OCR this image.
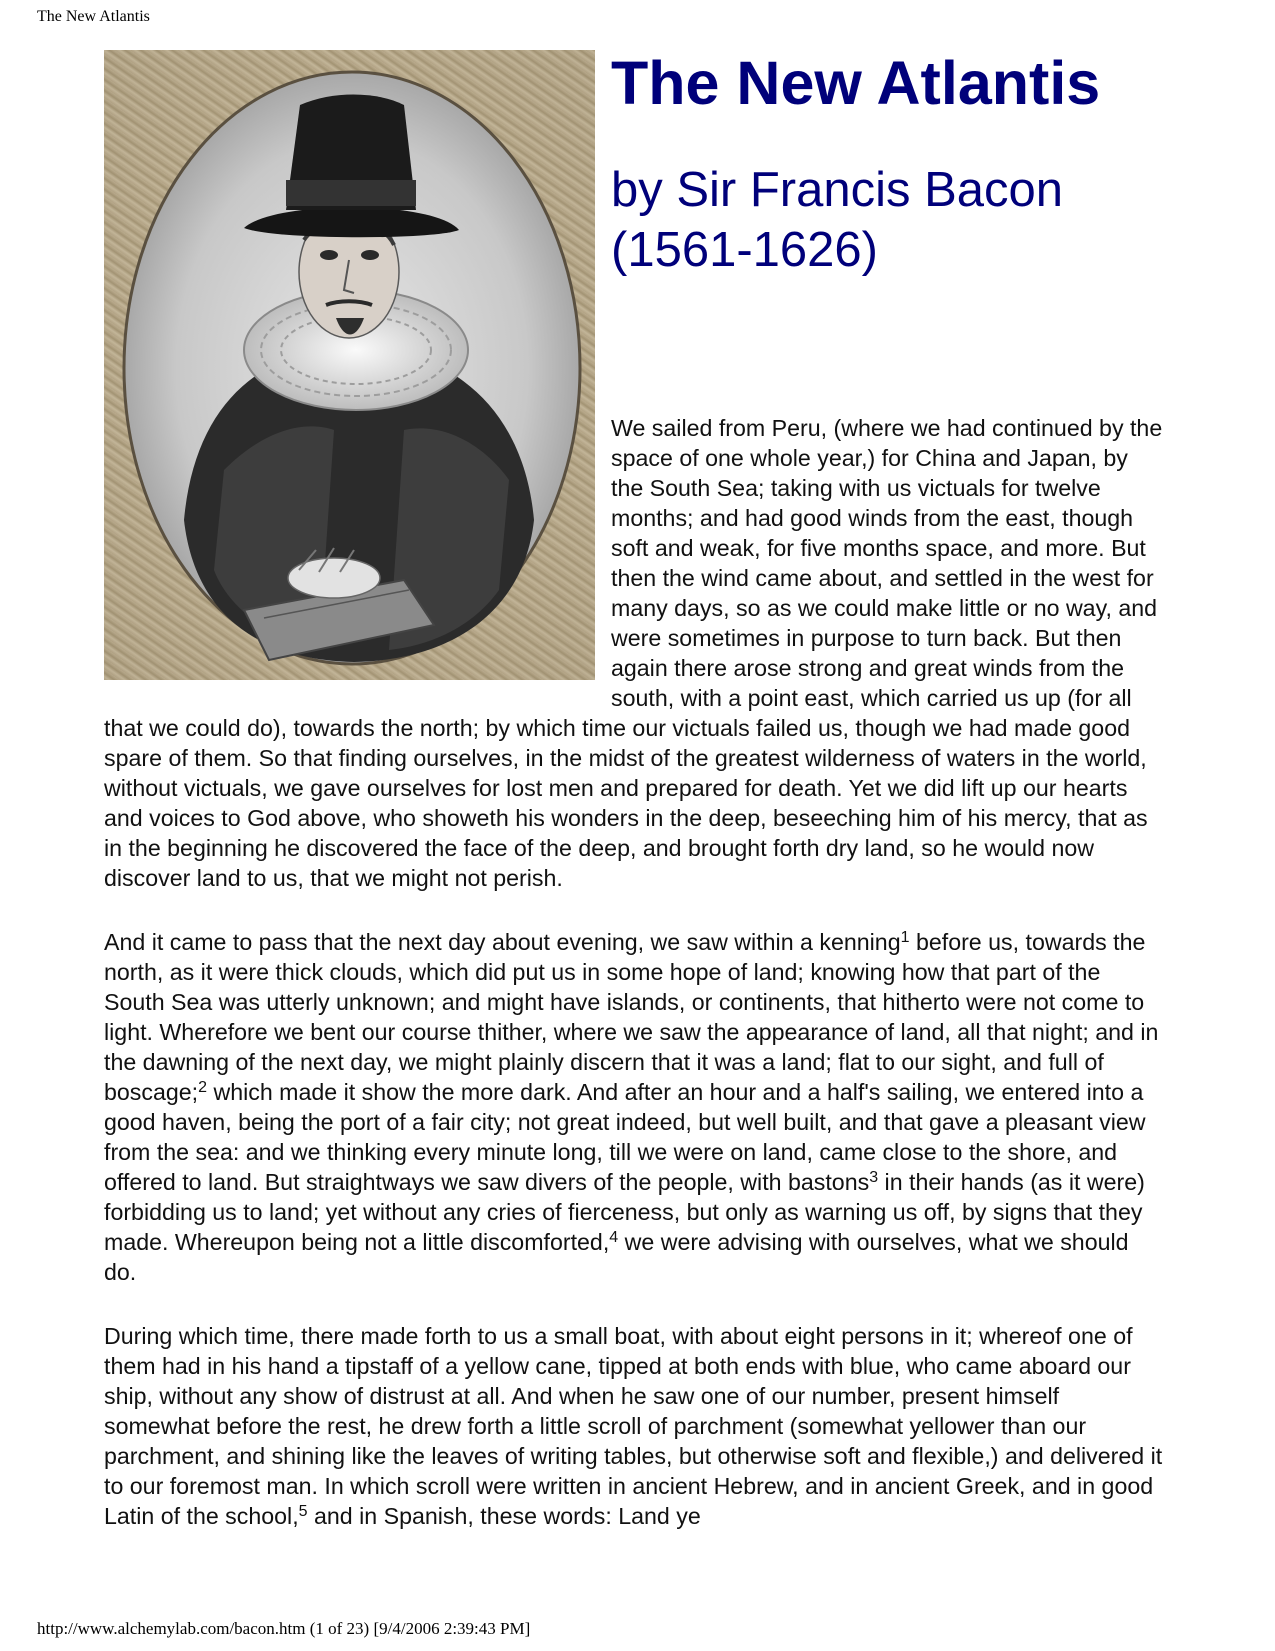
The New Atlantis
The New Atlantis
by Sir Francis Bacon
(1561-1626)

We sailed from Peru, (where we had continued by the space of one whole year,) for China and Japan, by the South Sea; taking with us victuals for twelve months; and had good winds from the east, though soft and weak, for five months space, and more. But then the wind came about, and settled in the west for many days, so as we could make little or no way, and were sometimes in purpose to turn back. But then again there arose strong and great winds from the south, with a point east, which carried us up (for all that we could do), towards the north; by which time our victuals failed us, though we had made good spare of them. So that finding ourselves, in the midst of the greatest wilderness of waters in the world, without victuals, we gave ourselves for lost men and prepared for death. Yet we did lift up our hearts and voices to God above, who showeth his wonders in the deep, beseeching him of his mercy, that as in the beginning he discovered the face of the deep, and brought forth dry land, so he would now discover land to us, that we might not perish.

And it came to pass that the next day about evening, we saw within a kenning$^1$ before us, towards the north, as it were thick clouds, which did put us in some hope of land; knowing how that part of the South Sea was utterly unknown; and might have islands, or continents, that hitherto were not come to light. Wherefore we bent our course thither, where we saw the appearance of land, all that night; and in the dawning of the next day, we might plainly discern that it was a land; flat to our sight, and full of boscage;$^2$ which made it show the more dark. And after an hour and a half's sailing, we entered into a good haven, being the port of a fair city; not great indeed, but well built, and that gave a pleasant view from the sea: and we thinking every minute long, till we were on land, came close to the shore, and offered to land. But straightways we saw divers of the people, with bastons$^3$ in their hands (as it were) forbidding us to land; yet without any cries of fierceness, but only as warning us off, by signs that they made. Whereupon being not a little discomforted,$^4$ we were advising with ourselves, what we should do.

During which time, there made forth to us a small boat, with about eight persons in it; whereof one of them had in his hand a tipstaff of a yellow cane, tipped at both ends with blue, who came aboard our ship, without any show of distrust at all. And when he saw one of our number, present himself somewhat before the rest, he drew forth a little scroll of parchment (somewhat yellower than our parchment, and shining like the leaves of writing tables, but otherwise soft and flexible,) and delivered it to our foremost man. In which scroll were written in ancient Hebrew, and in ancient Greek, and in good Latin of the school,$^5$ and in Spanish, these words: Land ye

http://www.alchemylab.com/bacon.htm (1 of 23) [9/4/2006 2:39:43 PM]
